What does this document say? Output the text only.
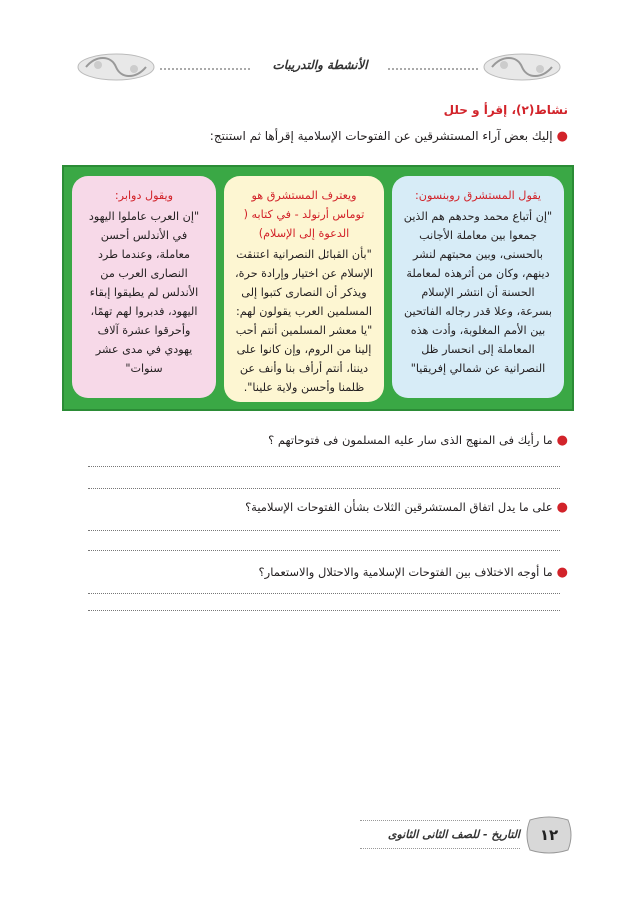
الأنشطة والتدريبات
نشاط(٢)، إقرأ و حلل
●إليك بعض آراء المستشرقين عن الفتوحات الإسلامية إقرأها ثم استنتج:
يقول المستشرق روبنسون:
"إن أتباع محمد وحدهم هم الذين جمعوا بين معاملة الأجانب بالحسنى، وبين محبتهم لنشر دينهم، وكان من أثرهذه لمعاملة الحسنة أن انتشر الإسلام بسرعة، وعلا قدر رجاله الفاتحين بين الأمم المغلوبة، وأدت هذه المعاملة إلى انحسار ظل النصرانية عن شمالي إفريقيا"
ويعترف المستشرق هو توماس أرنولد - في كتابه ( الدعوة إلى الإسلام)
"بأن القبائل النصرانية اعتنقت الإسلام عن اختيار وإرادة حرة، ويذكر أن النصارى كتبوا إلى المسلمين العرب يقولون لهم: "يا معشر المسلمين أنتم أحب إلينا من الروم، وإن كانوا على ديننا، أنتم أرأف بنا وأنف عن ظلمنا وأحسن ولاية علينا".
ويقول دوابر:
"إن العرب عاملوا اليهود في الأندلس أحسن معاملة، وعندما طرد النصارى العرب من الأندلس لم يطيقوا إبقاء اليهود، فدبروا لهم تهمًا، وأحرقوا عشرة آلاف يهودي في مدى عشر سنوات"
●ما رأيك فى المنهج الذى سار عليه المسلمون فى فتوحاتهم ؟
●على ما يدل اتفاق المستشرقين الثلاث بشأن الفتوحات الإسلامية؟
●ما أوجه الاختلاف بين الفتوحات الإسلامية والاحتلال والاستعمار؟
التاريخ - للصف الثانى الثانوى	١٢
